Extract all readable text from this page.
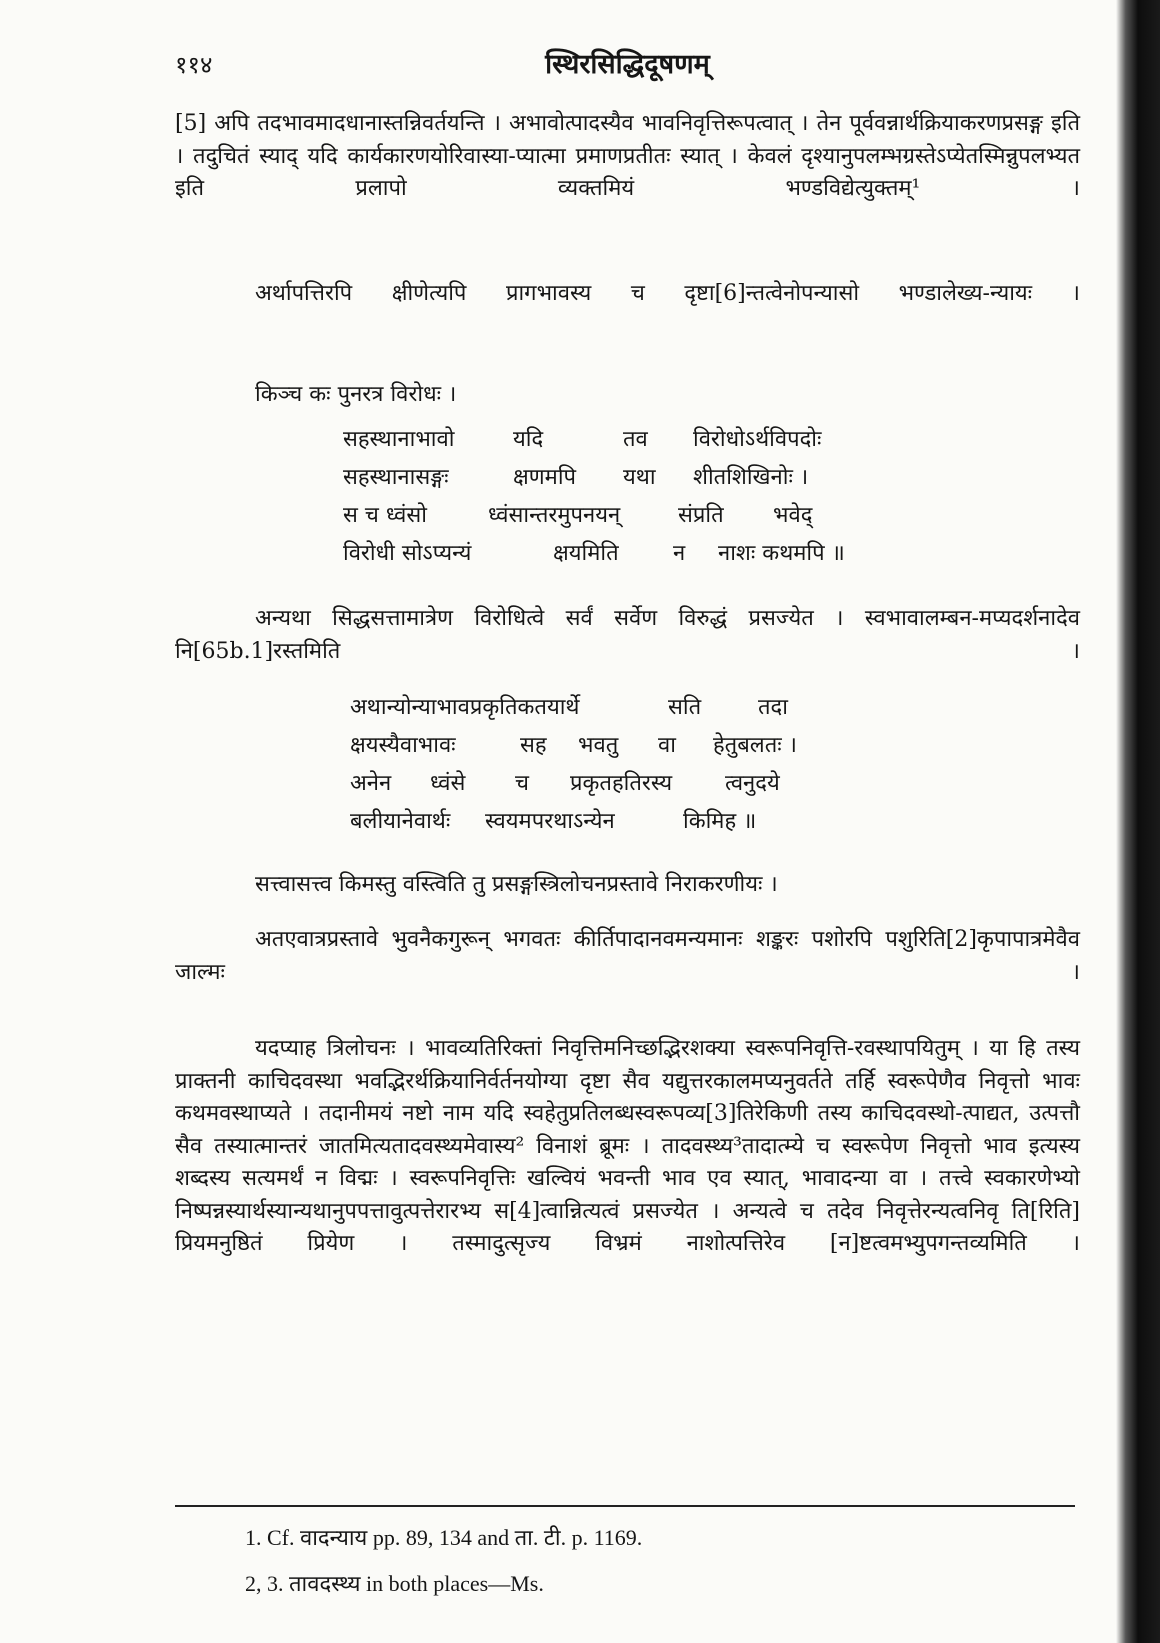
११४	स्थिरसिद्धिदूषणम्
[5] अपि तदभावमादधानास्तन्निवर्तयन्ति । अभावोत्पादस्यैव भावनिवृत्तिरूपत्वात् । तेन पूर्ववन्नार्थक्रियाकरणप्रसङ्ग इति । तदुचितं स्याद् यदि कार्यकारणयोरिवास्या-प्यात्मा प्रमाणप्रतीतः स्यात् । केवलं दृश्यानुपलम्भग्रस्तेऽप्येतस्मिन्नुपलभ्यत इति प्रलापो व्यक्तमियं भण्डविद्येत्युक्तम्¹ ।
अर्थापत्तिरपि क्षीणेत्यपि प्रागभावस्य च दृष्टा[6]न्तत्वेनोपन्यासो भण्डालेख्य-न्यायः ।
किञ्च कः पुनरत्र विरोधः ।
सहस्थानाभावो	यदि	तव	विरोधोऽर्थविपदोः
सहस्थानासङ्गः	क्षणमपि	यथा	शीतशिखिनोः ।
स च ध्वंसो	ध्वंसान्तरमुपनयन्	संप्रति	भवेद्
विरोधी सोऽप्यन्यं	क्षयमिति	न	नाशः कथमपि ॥
अन्यथा सिद्धसत्तामात्रेण विरोधित्वे सर्वं सर्वेण विरुद्धं प्रसज्येत । स्वभावालम्बन-मप्यदर्शनादेव नि[65b.1]रस्तमिति ।
अथान्योन्याभावप्रकृतिकतयार्थे	सति	तदा
क्षयस्यैवाभावः	सह	भवतु	वा	हेतुबलतः ।
अनेन	ध्वंसे	च	प्रकृतहतिरस्य	त्वनुदये
बलीयानेवार्थः	स्वयमपरथाऽन्येन	किमिह ॥
सत्त्वासत्त्व किमस्तु वस्त्विति तु प्रसङ्गस्त्रिलोचनप्रस्तावे निराकरणीयः ।
अतएवात्रप्रस्तावे भुवनैकगुरून् भगवतः कीर्तिपादानवमन्यमानः शङ्करः पशोरपि पशुरिति[2]कृपापात्रमेवैव जाल्मः ।
यदप्याह त्रिलोचनः । भावव्यतिरिक्तां निवृत्तिमनिच्छद्भिरशक्या स्वरूपनिवृत्ति-रवस्थापयितुम् । या हि तस्य प्राक्तनी काचिदवस्था भवद्भिरर्थक्रियानिर्वर्तनयोग्या दृष्टा सैव यद्युत्तरकालमप्यनुवर्तते तर्हि स्वरूपेणैव निवृत्तो भावः कथमवस्थाप्यते । तदानीमयं नष्टो नाम यदि स्वहेतुप्रतिलब्धस्वरूपव्य[3]तिरेकिणी तस्य काचिदवस्थो-त्पाद्यत, उत्पत्तौ सैव तस्यात्मान्तरं जातमित्यतादवस्थ्यमेवास्य² विनाशं ब्रूमः । तादवस्थ्य³तादात्म्ये च स्वरूपेण निवृत्तो भाव इत्यस्य शब्दस्य सत्यमर्थं न विद्मः । स्वरूपनिवृत्तिः खल्वियं भवन्ती भाव एव स्यात्, भावादन्या वा । तत्त्वे स्वकारणेभ्यो निष्पन्नस्यार्थस्यान्यथानुपपत्तावुत्पत्तेरारभ्य स[4]त्वान्नित्यत्वं प्रसज्येत । अन्यत्वे च तदेव निवृत्तेरन्यत्वनिवृ ति[रिति] प्रियमनुष्ठितं प्रियेण । तस्मादुत्सृज्य विभ्रमं नाशोत्पत्तिरेव [न]ष्टत्वमभ्युपगन्तव्यमिति ।
1. Cf. वादन्याय pp. 89, 134 and ता. टी. p. 1169.
2, 3. तावदस्थ्य in both places—Ms.
